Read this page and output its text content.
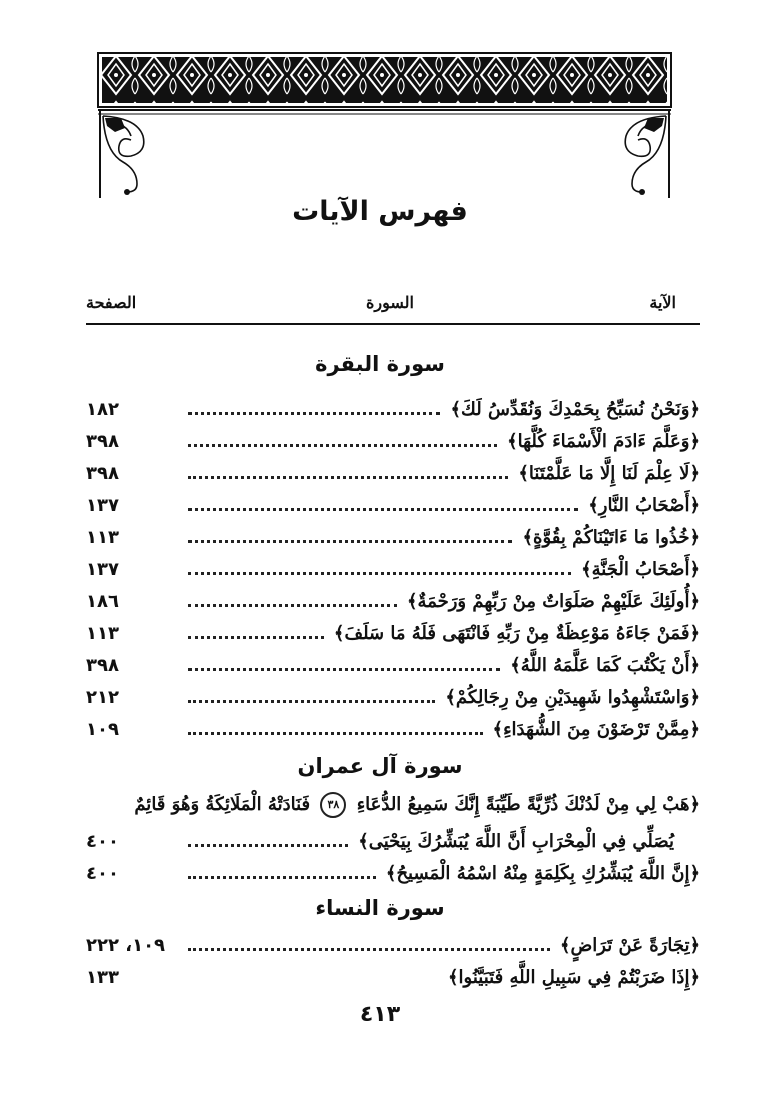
فهرس الآيات
الآية
السورة
الصفحة
سورة البقرة
﴿وَنَحْنُ نُسَبِّحُ بِحَمْدِكَ وَنُقَدِّسُ لَكَ﴾
١٨٢
﴿وَعَلَّمَ ءَادَمَ الْأَسْمَاءَ كُلَّهَا﴾
٣٩٨
﴿لَا عِلْمَ لَنَا إِلَّا مَا عَلَّمْتَنَا﴾
٣٩٨
﴿أَصْحَابُ النَّارِ﴾
١٣٧
﴿خُذُوا مَا ءَاتَيْنَاكُمْ بِقُوَّةٍ﴾
١١٣
﴿أَصْحَابُ الْجَنَّةِ﴾
١٣٧
﴿أُولَئِكَ عَلَيْهِمْ صَلَوَاتٌ مِنْ رَبِّهِمْ وَرَحْمَةٌ﴾
١٨٦
﴿فَمَنْ جَاءَهُ مَوْعِظَةٌ مِنْ رَبِّهِ فَانْتَهَى فَلَهُ مَا سَلَفَ﴾
١١٣
﴿أَنْ يَكْتُبَ كَمَا عَلَّمَهُ اللَّهُ﴾
٣٩٨
﴿وَاسْتَشْهِدُوا شَهِيدَيْنِ مِنْ رِجَالِكُمْ﴾
٢١٢
﴿مِمَّنْ تَرْضَوْنَ مِنَ الشُّهَدَاءِ﴾
١٠٩
سورة آل عمران
﴿هَبْ لِي مِنْ لَدُنْكَ ذُرِّيَّةً طَيِّبَةً إِنَّكَ سَمِيعُ الدُّعَاءِ ٣٨ فَنَادَتْهُ الْمَلَائِكَةُ وَهُوَ قَائِمٌ
يُصَلِّي فِي الْمِحْرَابِ أَنَّ اللَّهَ يُبَشِّرُكَ بِيَحْيَى﴾
٤٠٠
﴿إِنَّ اللَّهَ يُبَشِّرُكِ بِكَلِمَةٍ مِنْهُ اسْمُهُ الْمَسِيحُ﴾
٤٠٠
سورة النساء
﴿تِجَارَةً عَنْ تَرَاضٍ﴾
١٠٩، ٢٢٢
﴿إِذَا ضَرَبْتُمْ فِي سَبِيلِ اللَّهِ فَتَبَيَّنُوا﴾
١٣٣
٤١٣
